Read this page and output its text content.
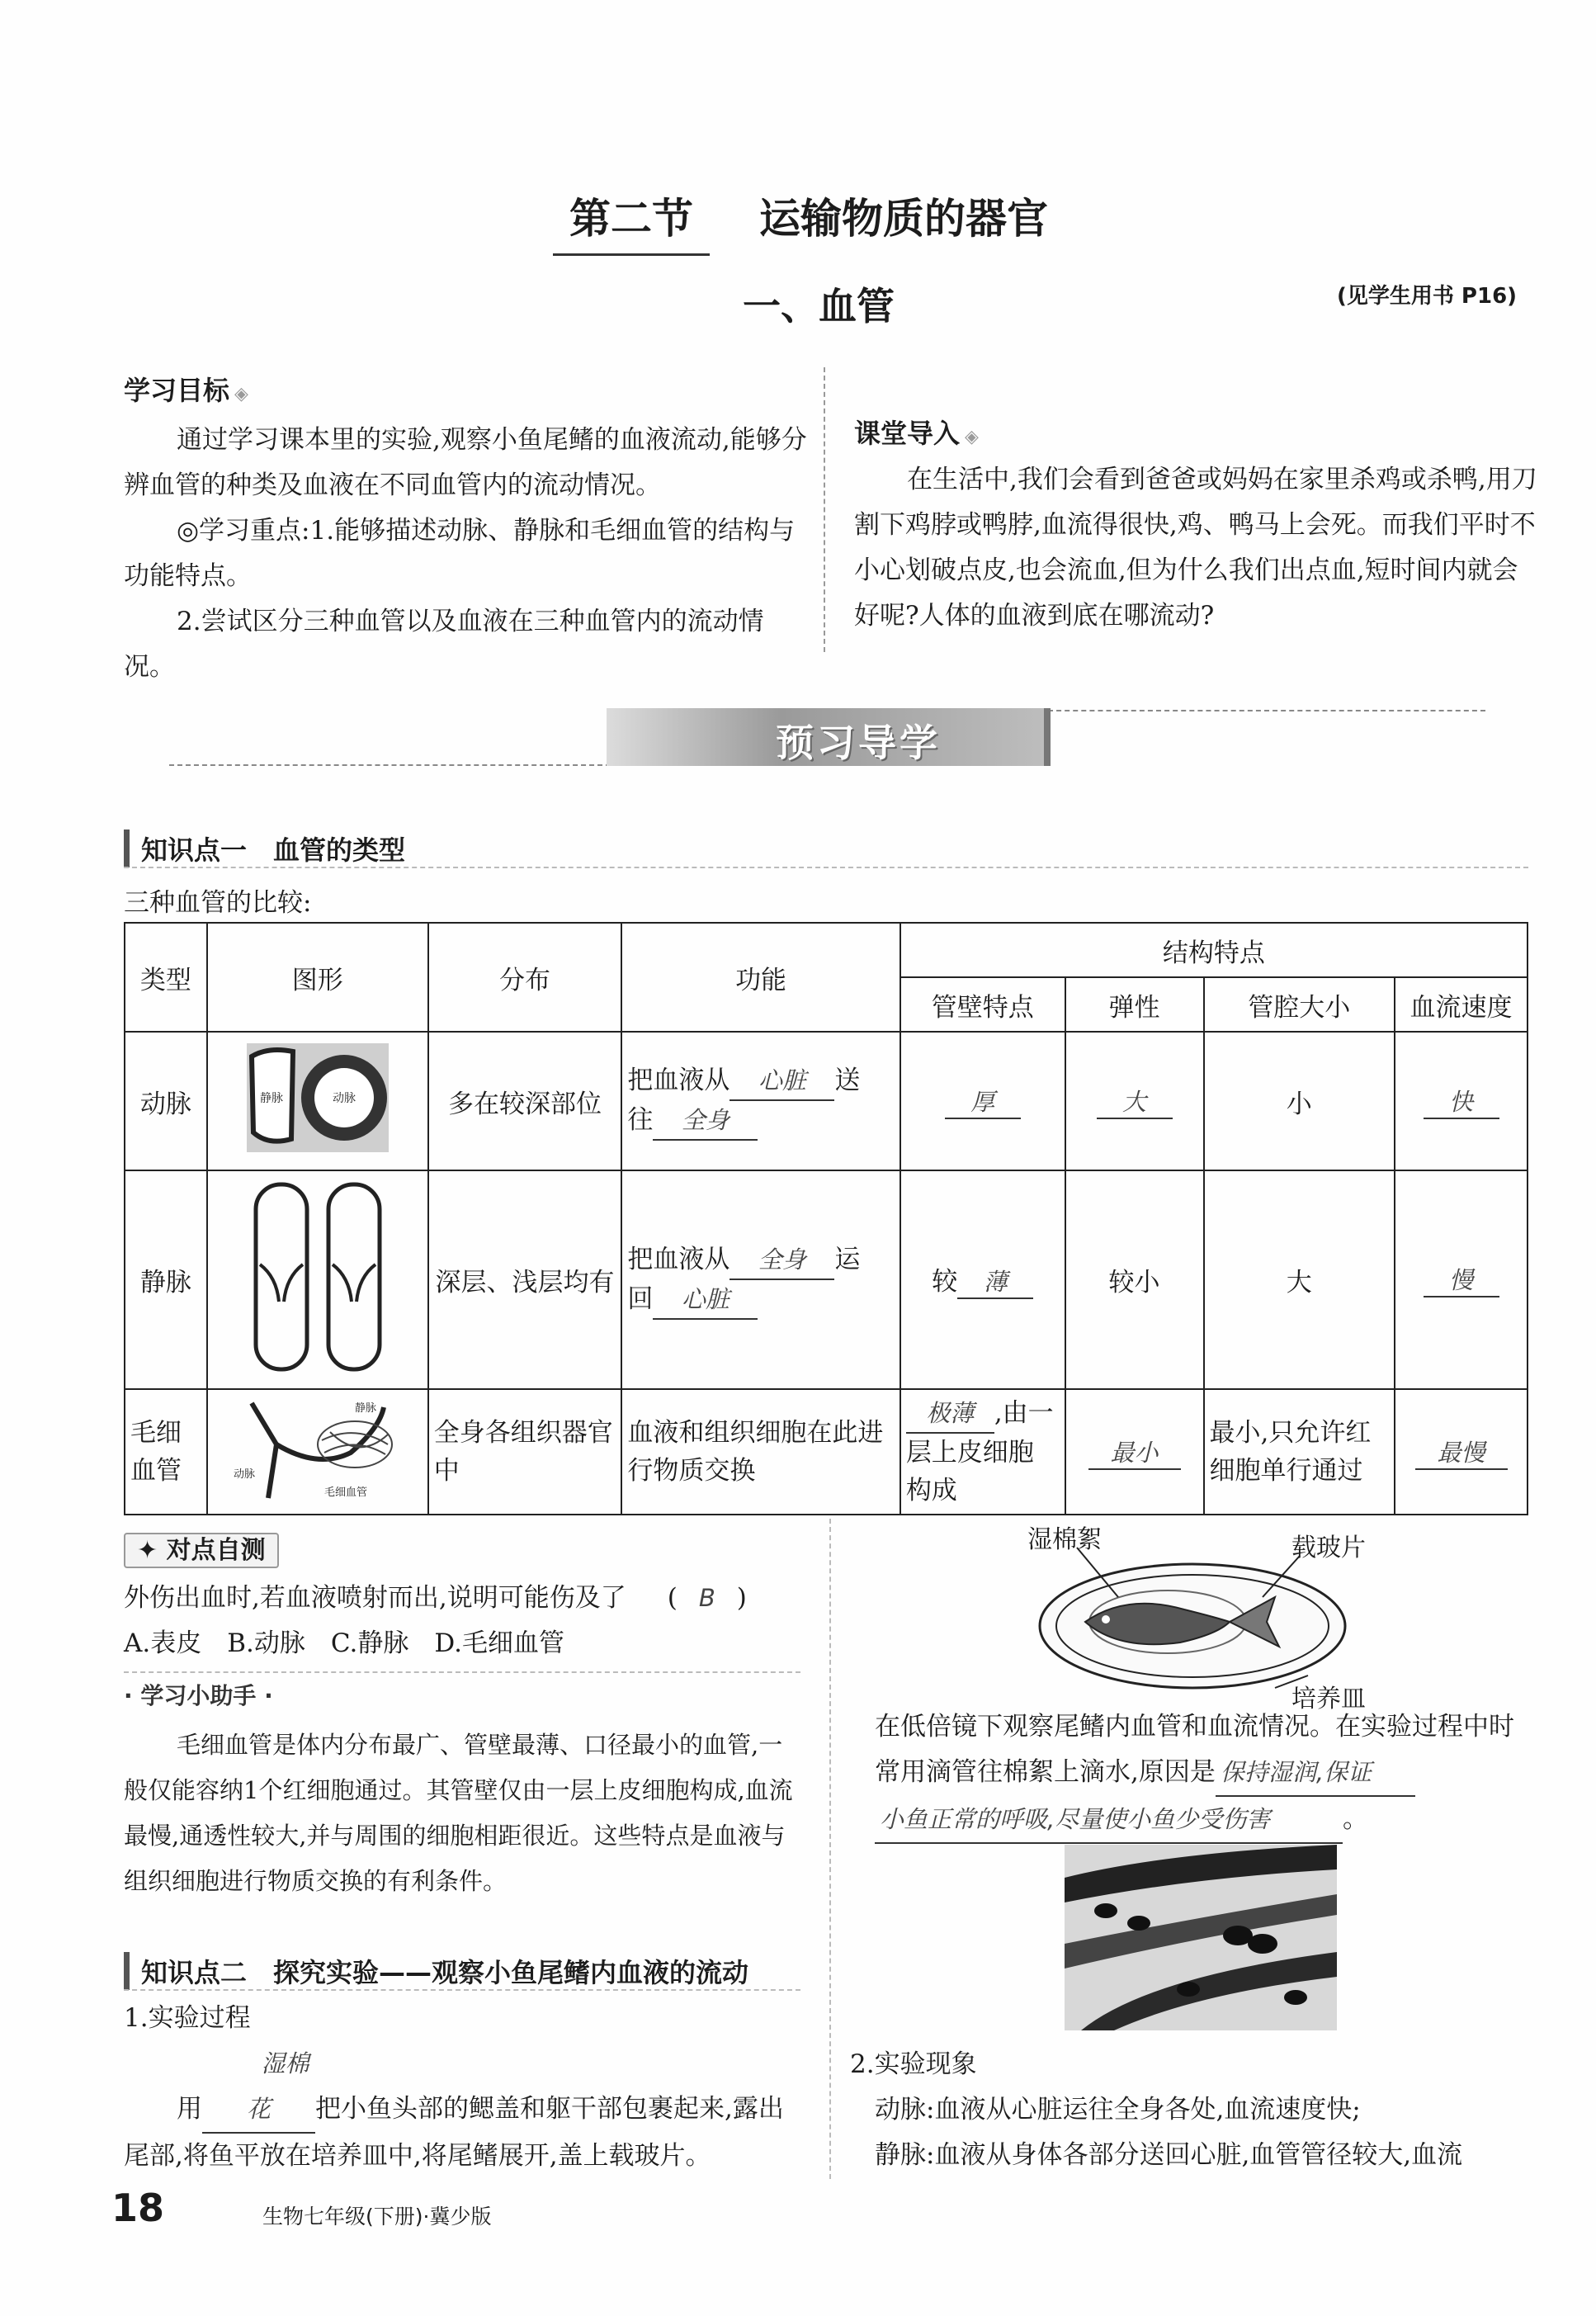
第二节 运输物质的器官
一、血管	(见学生用书 P16)
学习目标 ◈

通过学习课本里的实验,观察小鱼尾鳍的血液流动,能够分辨血管的种类及血液在不同血管内的流动情况。

◎学习重点:1.能够描述动脉、静脉和毛细血管的结构与功能特点。

2.尝试区分三种血管以及血液在三种血管内的流动情况。

课堂导入 ◈

在生活中,我们会看到爸爸或妈妈在家里杀鸡或杀鸭,用刀割下鸡脖或鸭脖,血流得很快,鸡、鸭马上会死。而我们平时不小心划破点皮,也会流血,但为什么我们出点血,短时间内就会好呢?人体的血液到底在哪流动?

预习导学
知识点一　血管的类型
三种血管的比较:
类型	图形	分布	功能	结构特点			
				管壁特点	弹性	管腔大小	血流速度
动脉	静脉 动脉	多在较深部位	把血液从 心脏 送
往 全身	厚	大	小	快
静脉		深层、浅层均有	把血液从 全身 运
回 心脏	较 薄	较小	大	慢
毛细血管	静脉
动脉
毛细血管	全身各组织器官中	血液和组织细胞在此进行物质交换	极薄 ,由一层上皮细胞构成	最小	最小,只允许红细胞单行通过	最慢
✦ 对点自测
外伤出血时,若血液喷射而出,说明可能伤及了 ( B )
A.表皮　B.动脉　C.静脉　D.毛细血管
· 学习小助手 ·

毛细血管是体内分布最广、管壁最薄、口径最小的血管,一般仅能容纳1个红细胞通过。其管壁仅由一层上皮细胞构成,血流最慢,通透性较大,并与周围的细胞相距很近。这些特点是血液与组织细胞进行物质交换的有利条件。

知识点二　探究实验——观察小鱼尾鳍内血液的流动
1.实验过程

用湿棉花 把小鱼头部的鳃盖和躯干部包裹起来,露出尾部,将鱼平放在培养皿中,将尾鳍展开,盖上载玻片。

湿棉絮	载玻片
培养皿

在低倍镜下观察尾鳍内血管和血流情况。在实验过程中时常用滴管往棉絮上滴水,原因是 保持湿润,保证 小鱼正常的呼吸,尽量使小鱼少受伤害	。

2.实验现象
动脉:血液从心脏运往全身各处,血流速度快;
静脉:血液从身体各部分送回心脏,血管管径较大,血流
18	生物七年级(下册)·冀少版
